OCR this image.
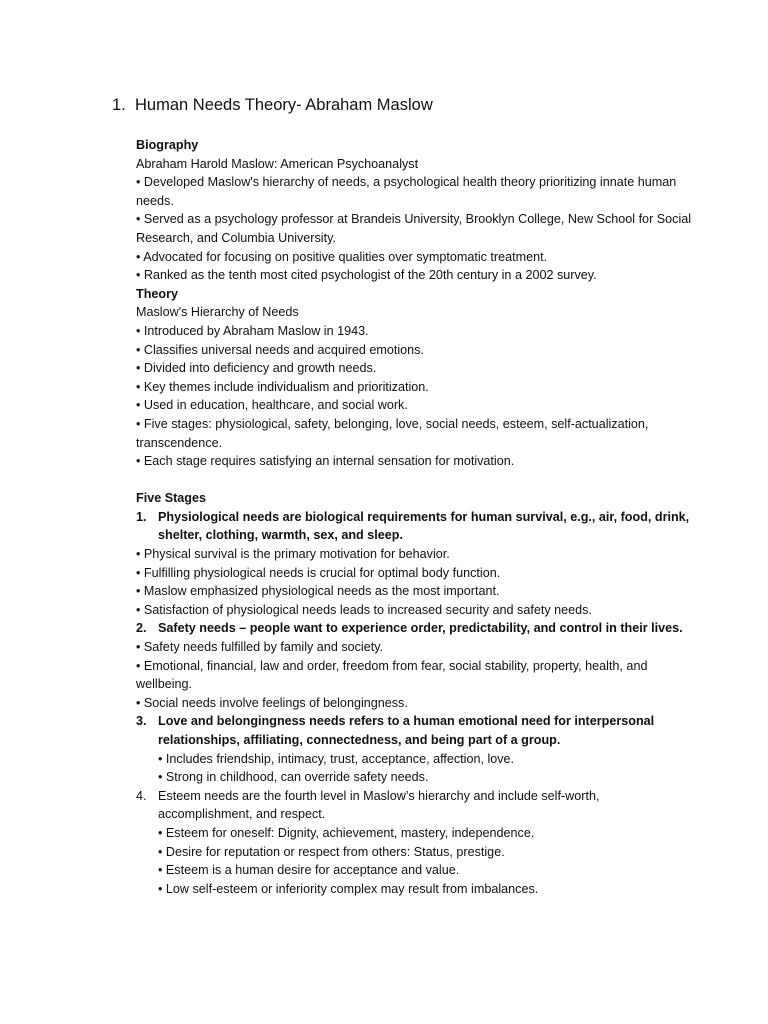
1. Human Needs Theory- Abraham Maslow

Biography

Abraham Harold Maslow: American Psychoanalyst

• Developed Maslow's hierarchy of needs, a psychological health theory prioritizing innate human needs.

• Served as a psychology professor at Brandeis University, Brooklyn College, New School for Social Research, and Columbia University.

• Advocated for focusing on positive qualities over symptomatic treatment.

• Ranked as the tenth most cited psychologist of the 20th century in a 2002 survey.

Theory

Maslow's Hierarchy of Needs

• Introduced by Abraham Maslow in 1943.

• Classifies universal needs and acquired emotions.

• Divided into deficiency and growth needs.

• Key themes include individualism and prioritization.

• Used in education, healthcare, and social work.

• Five stages: physiological, safety, belonging, love, social needs, esteem, self-actualization, transcendence.

• Each stage requires satisfying an internal sensation for motivation.

Five Stages

1. Physiological needs are biological requirements for human survival, e.g., air, food, drink, shelter, clothing, warmth, sex, and sleep.

• Physical survival is the primary motivation for behavior.

• Fulfilling physiological needs is crucial for optimal body function.

• Maslow emphasized physiological needs as the most important.

• Satisfaction of physiological needs leads to increased security and safety needs.

2. Safety needs – people want to experience order, predictability, and control in their lives.

• Safety needs fulfilled by family and society.

• Emotional, financial, law and order, freedom from fear, social stability, property, health, and wellbeing.

• Social needs involve feelings of belongingness.

3. Love and belongingness needs refers to a human emotional need for interpersonal relationships, affiliating, connectedness, and being part of a group.

• Includes friendship, intimacy, trust, acceptance, affection, love.

• Strong in childhood, can override safety needs.

4. Esteem needs are the fourth level in Maslow’s hierarchy and include self-worth, accomplishment, and respect.

• Esteem for oneself: Dignity, achievement, mastery, independence.

• Desire for reputation or respect from others: Status, prestige.

• Esteem is a human desire for acceptance and value.

• Low self-esteem or inferiority complex may result from imbalances.
